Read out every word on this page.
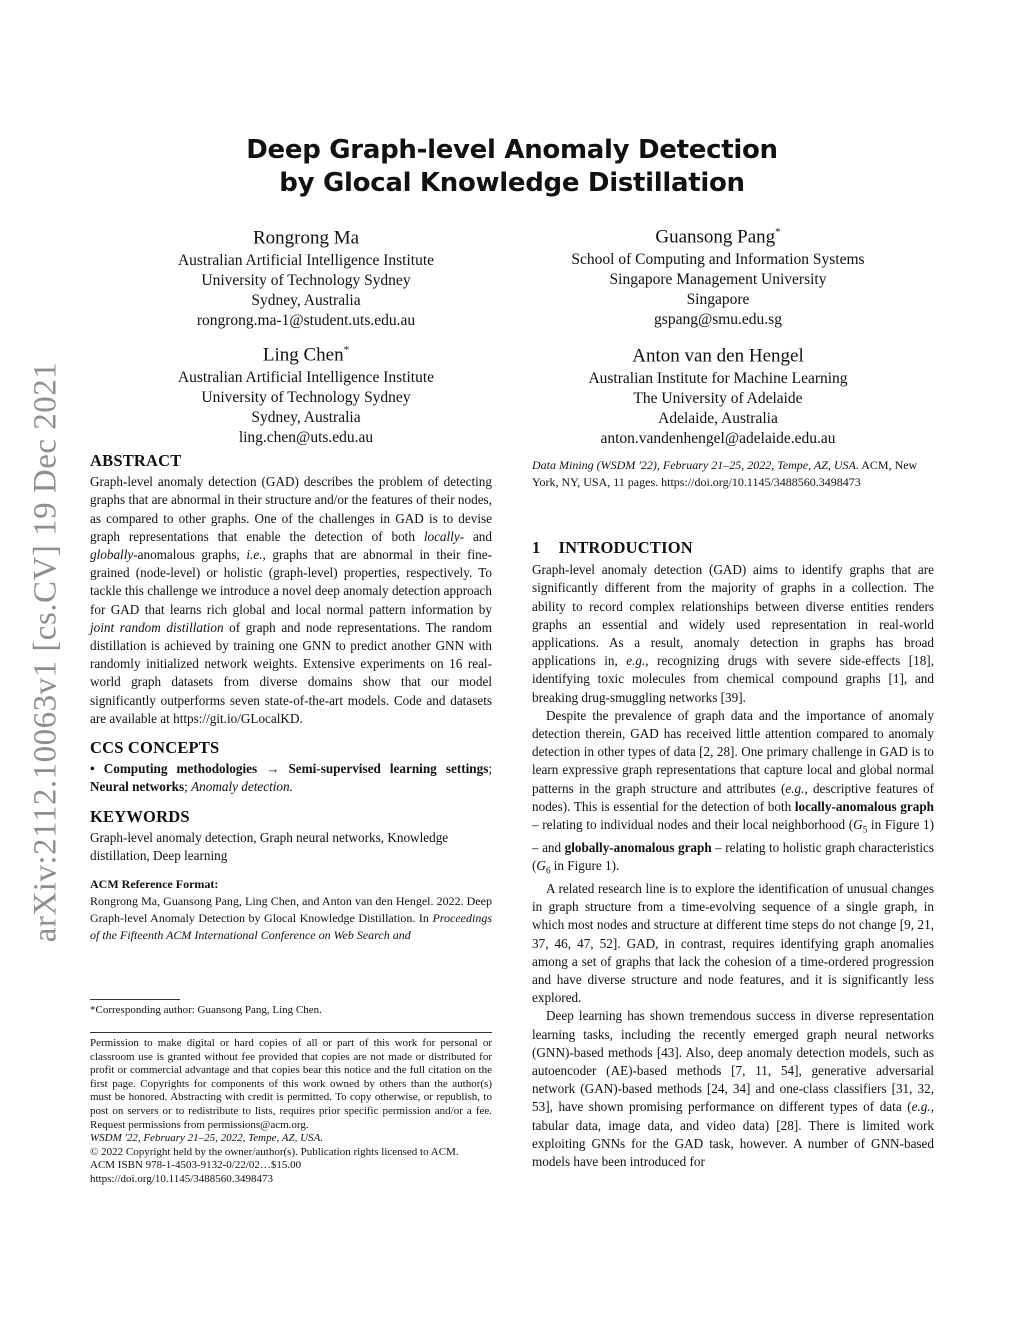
arXiv:2112.10063v1 [cs.CV] 19 Dec 2021
Deep Graph-level Anomaly Detection
by Glocal Knowledge Distillation
Rongrong Ma
Australian Artificial Intelligence Institute
University of Technology Sydney
Sydney, Australia
rongrong.ma-1@student.uts.edu.au
Guansong Pang*
School of Computing and Information Systems
Singapore Management University
Singapore
gspang@smu.edu.sg
Ling Chen*
Australian Artificial Intelligence Institute
University of Technology Sydney
Sydney, Australia
ling.chen@uts.edu.au
Anton van den Hengel
Australian Institute for Machine Learning
The University of Adelaide
Adelaide, Australia
anton.vandenhengel@adelaide.edu.au
ABSTRACT

Graph-level anomaly detection (GAD) describes the problem of detecting graphs that are abnormal in their structure and/or the features of their nodes, as compared to other graphs. One of the challenges in GAD is to devise graph representations that enable the detection of both locally- and globally-anomalous graphs, i.e., graphs that are abnormal in their fine-grained (node-level) or holistic (graph-level) properties, respectively. To tackle this challenge we introduce a novel deep anomaly detection approach for GAD that learns rich global and local normal pattern information by joint random distillation of graph and node representations. The random distillation is achieved by training one GNN to predict another GNN with randomly initialized network weights. Extensive experiments on 16 real-world graph datasets from diverse domains show that our model significantly outperforms seven state-of-the-art models. Code and datasets are available at https://git.io/GLocalKD.

CCS CONCEPTS

• Computing methodologies → Semi-supervised learning settings; Neural networks; Anomaly detection.

KEYWORDS

Graph-level anomaly detection, Graph neural networks, Knowledge distillation, Deep learning

ACM Reference Format:

Rongrong Ma, Guansong Pang, Ling Chen, and Anton van den Hengel. 2022. Deep Graph-level Anomaly Detection by Glocal Knowledge Distillation. In Proceedings of the Fifteenth ACM International Conference on Web Search and

*Corresponding author: Guansong Pang, Ling Chen.
Permission to make digital or hard copies of all or part of this work for personal or classroom use is granted without fee provided that copies are not made or distributed for profit or commercial advantage and that copies bear this notice and the full citation on the first page. Copyrights for components of this work owned by others than the author(s) must be honored. Abstracting with credit is permitted. To copy otherwise, or republish, to post on servers or to redistribute to lists, requires prior specific permission and/or a fee. Request permissions from permissions@acm.org.
WSDM '22, February 21–25, 2022, Tempe, AZ, USA.
© 2022 Copyright held by the owner/author(s). Publication rights licensed to ACM.
ACM ISBN 978-1-4503-9132-0/22/02…$15.00
https://doi.org/10.1145/3488560.3498473
Data Mining (WSDM '22), February 21–25, 2022, Tempe, AZ, USA. ACM, New York, NY, USA, 11 pages. https://doi.org/10.1145/3488560.3498473
1 INTRODUCTION

Graph-level anomaly detection (GAD) aims to identify graphs that are significantly different from the majority of graphs in a collection. The ability to record complex relationships between diverse entities renders graphs an essential and widely used representation in real-world applications. As a result, anomaly detection in graphs has broad applications in, e.g., recognizing drugs with severe side-effects [18], identifying toxic molecules from chemical compound graphs [1], and breaking drug-smuggling networks [39].

Despite the prevalence of graph data and the importance of anomaly detection therein, GAD has received little attention compared to anomaly detection in other types of data [2, 28]. One primary challenge in GAD is to learn expressive graph representations that capture local and global normal patterns in the graph structure and attributes (e.g., descriptive features of nodes). This is essential for the detection of both locally-anomalous graph – relating to individual nodes and their local neighborhood ($G_5$ in Figure 1) – and globally-anomalous graph – relating to holistic graph characteristics ($G_6$ in Figure 1).

A related research line is to explore the identification of unusual changes in graph structure from a time-evolving sequence of a single graph, in which most nodes and structure at different time steps do not change [9, 21, 37, 46, 47, 52]. GAD, in contrast, requires identifying graph anomalies among a set of graphs that lack the cohesion of a time-ordered progression and have diverse structure and node features, and it is significantly less explored.

Deep learning has shown tremendous success in diverse representation learning tasks, including the recently emerged graph neural networks (GNN)-based methods [43]. Also, deep anomaly detection models, such as autoencoder (AE)-based methods [7, 11, 54], generative adversarial network (GAN)-based methods [24, 34] and one-class classifiers [31, 32, 53], have shown promising performance on different types of data (e.g., tabular data, image data, and video data) [28]. There is limited work exploiting GNNs for the GAD task, however. A number of GNN-based models have been introduced for
